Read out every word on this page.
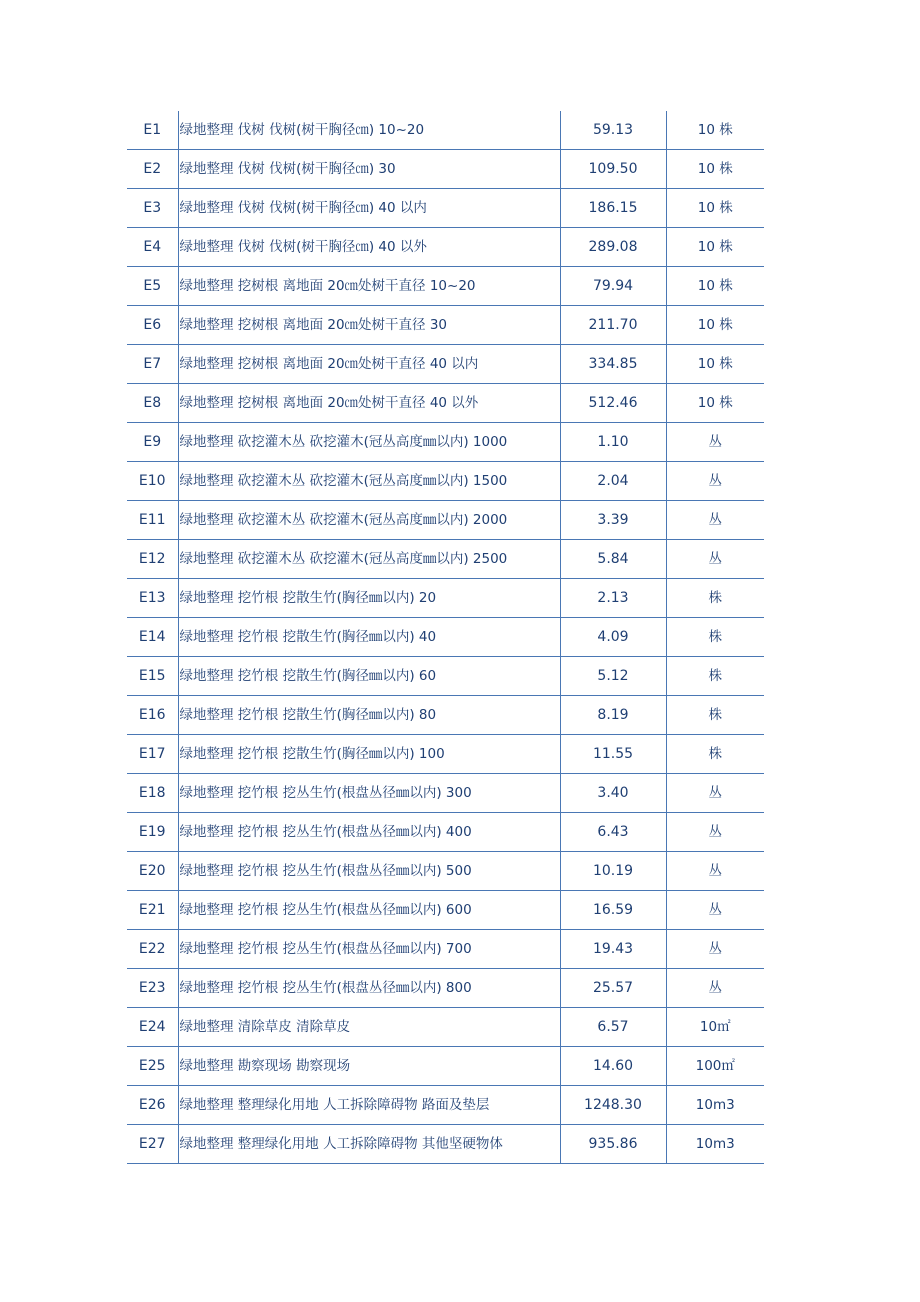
E1	绿地整理 伐树 伐树(树干胸径㎝) 10~20	59.13	10 株
E2	绿地整理 伐树 伐树(树干胸径㎝) 30	109.50	10 株
E3	绿地整理 伐树 伐树(树干胸径㎝) 40 以内	186.15	10 株
E4	绿地整理 伐树 伐树(树干胸径㎝) 40 以外	289.08	10 株
E5	绿地整理 挖树根 离地面 20㎝处树干直径 10~20	79.94	10 株
E6	绿地整理 挖树根 离地面 20㎝处树干直径 30	211.70	10 株
E7	绿地整理 挖树根 离地面 20㎝处树干直径 40 以内	334.85	10 株
E8	绿地整理 挖树根 离地面 20㎝处树干直径 40 以外	512.46	10 株
E9	绿地整理 砍挖灌木丛 砍挖灌木(冠丛高度㎜以内) 1000	1.10	丛
E10	绿地整理 砍挖灌木丛 砍挖灌木(冠丛高度㎜以内) 1500	2.04	丛
E11	绿地整理 砍挖灌木丛 砍挖灌木(冠丛高度㎜以内) 2000	3.39	丛
E12	绿地整理 砍挖灌木丛 砍挖灌木(冠丛高度㎜以内) 2500	5.84	丛
E13	绿地整理 挖竹根 挖散生竹(胸径㎜以内) 20	2.13	株
E14	绿地整理 挖竹根 挖散生竹(胸径㎜以内) 40	4.09	株
E15	绿地整理 挖竹根 挖散生竹(胸径㎜以内) 60	5.12	株
E16	绿地整理 挖竹根 挖散生竹(胸径㎜以内) 80	8.19	株
E17	绿地整理 挖竹根 挖散生竹(胸径㎜以内) 100	11.55	株
E18	绿地整理 挖竹根 挖丛生竹(根盘丛径㎜以内) 300	3.40	丛
E19	绿地整理 挖竹根 挖丛生竹(根盘丛径㎜以内) 400	6.43	丛
E20	绿地整理 挖竹根 挖丛生竹(根盘丛径㎜以内) 500	10.19	丛
E21	绿地整理 挖竹根 挖丛生竹(根盘丛径㎜以内) 600	16.59	丛
E22	绿地整理 挖竹根 挖丛生竹(根盘丛径㎜以内) 700	19.43	丛
E23	绿地整理 挖竹根 挖丛生竹(根盘丛径㎜以内) 800	25.57	丛
E24	绿地整理 清除草皮 清除草皮	6.57	10㎡
E25	绿地整理 勘察现场 勘察现场	14.60	100㎡
E26	绿地整理 整理绿化用地 人工拆除障碍物 路面及垫层	1248.30	10m3
E27	绿地整理 整理绿化用地 人工拆除障碍物 其他坚硬物体	935.86	10m3
